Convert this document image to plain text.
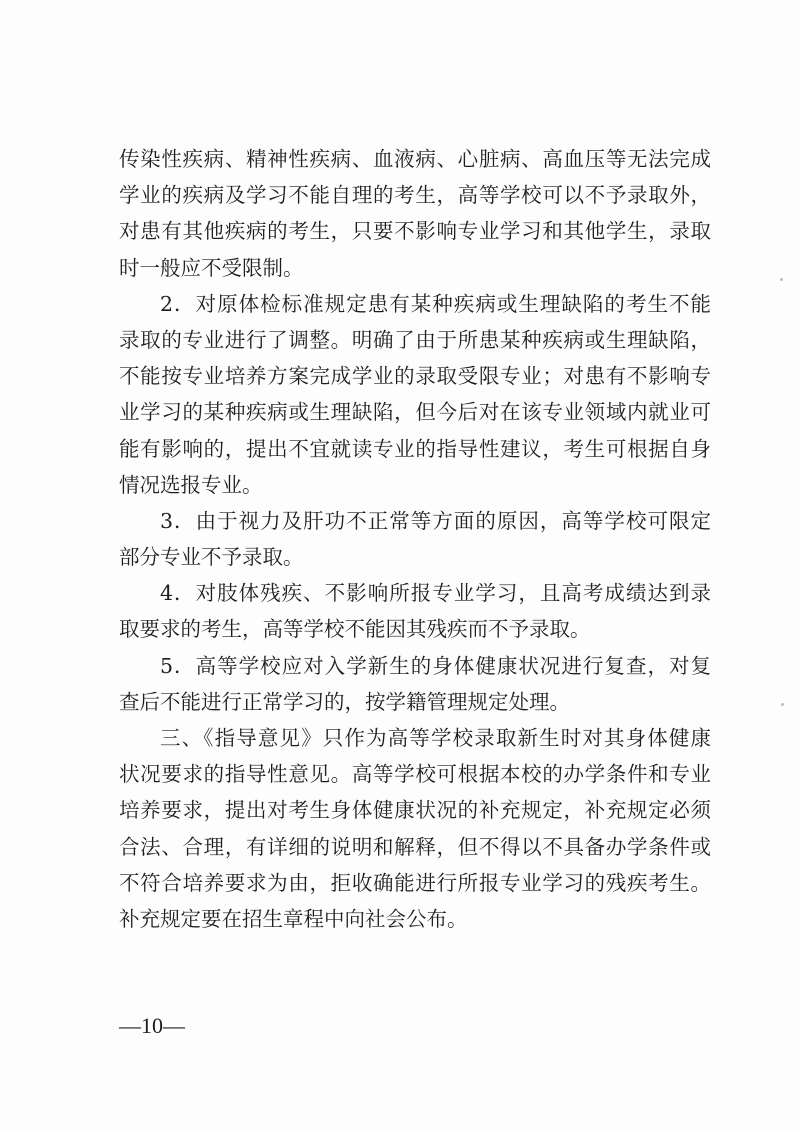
传染性疾病、精神性疾病、血液病、心脏病、高血压等无法完成
学业的疾病及学习不能自理的考生，高等学校可以不予录取外，
对患有其他疾病的考生，只要不影响专业学习和其他学生，录取
时一般应不受限制。
2．对原体检标准规定患有某种疾病或生理缺陷的考生不能
录取的专业进行了调整。明确了由于所患某种疾病或生理缺陷，
不能按专业培养方案完成学业的录取受限专业；对患有不影响专
业学习的某种疾病或生理缺陷，但今后对在该专业领域内就业可
能有影响的，提出不宜就读专业的指导性建议，考生可根据自身
情况选报专业。
3．由于视力及肝功不正常等方面的原因，高等学校可限定
部分专业不予录取。
4．对肢体残疾、不影响所报专业学习，且高考成绩达到录
取要求的考生，高等学校不能因其残疾而不予录取。
5．高等学校应对入学新生的身体健康状况进行复查，对复
查后不能进行正常学习的，按学籍管理规定处理。
三、《指导意见》只作为高等学校录取新生时对其身体健康
状况要求的指导性意见。高等学校可根据本校的办学条件和专业
培养要求，提出对考生身体健康状况的补充规定，补充规定必须
合法、合理，有详细的说明和解释，但不得以不具备办学条件或
不符合培养要求为由，拒收确能进行所报专业学习的残疾考生。
补充规定要在招生章程中向社会公布。
—10—
